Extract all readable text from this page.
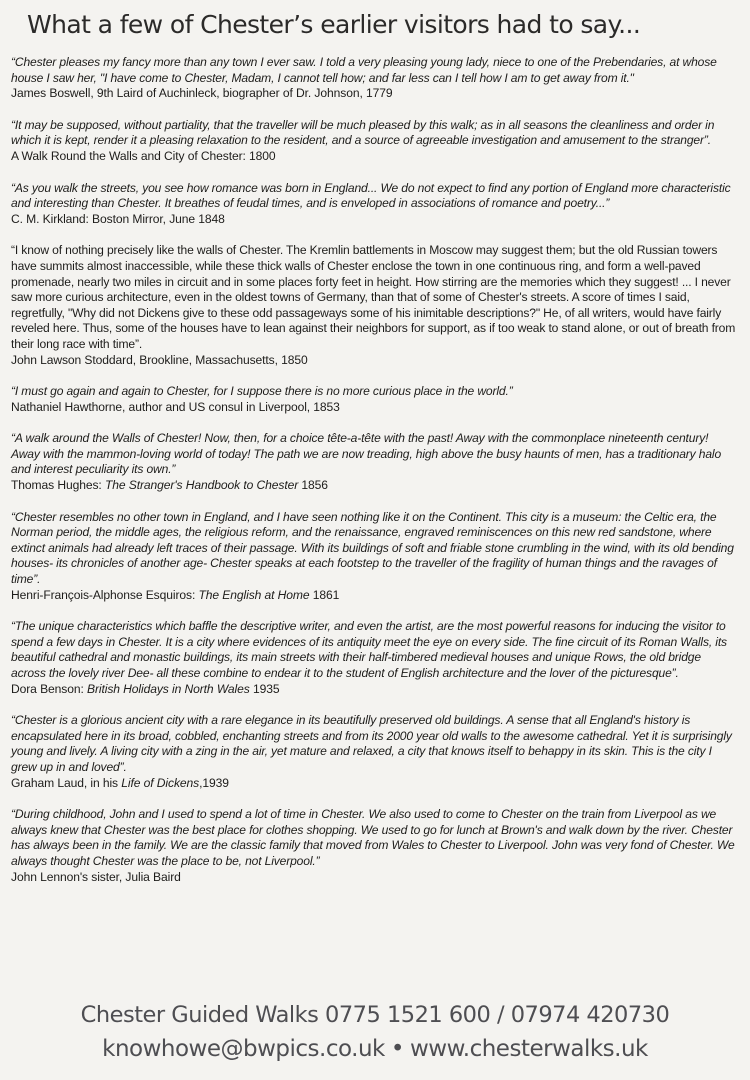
What a few of Chester’s earlier visitors had to say...
“Chester pleases my fancy more than any town I ever saw. I told a very pleasing young lady, niece to one of the Prebendaries, at whose house I saw her, "I have come to Chester, Madam, I cannot tell how; and far less can I tell how I am to get away from it."
James Boswell, 9th Laird of Auchinleck, biographer of Dr. Johnson, 1779
“It may be supposed, without partiality, that the traveller will be much pleased by this walk; as in all seasons the cleanliness and order in which it is kept, render it a pleasing relaxation to the resident, and a source of agreeable investigation and amusement to the stranger”.
A Walk Round the Walls and City of Chester: 1800
“As you walk the streets, you see how romance was born in England... We do not expect to find any portion of England more characteristic and interesting than Chester. It breathes of feudal times, and is enveloped in associations of romance and poetry...”
C. M. Kirkland: Boston Mirror, June 1848
“I know of nothing precisely like the walls of Chester. The Kremlin battlements in Moscow may suggest them; but the old Russian towers have summits almost inaccessible, while these thick walls of Chester enclose the town in one continuous ring, and form a well-paved promenade, nearly two miles in circuit and in some places forty feet in height. How stirring are the memories which they suggest! ... I never saw more curious architecture, even in the oldest towns of Germany, than that of some of Chester's streets. A score of times I said, regretfully, "Why did not Dickens give to these odd passageways some of his inimitable descriptions?" He, of all writers, would have fairly reveled here. Thus, some of the houses have to lean against their neighbors for support, as if too weak to stand alone, or out of breath from their long race with time”.
John Lawson Stoddard, Brookline, Massachusetts, 1850
“I must go again and again to Chester, for I suppose there is no more curious place in the world.”
Nathaniel Hawthorne, author and US consul in Liverpool, 1853
“A walk around the Walls of Chester! Now, then, for a choice tête-a-tête with the past! Away with the commonplace nineteenth century! Away with the mammon-loving world of today! The path we are now treading, high above the busy haunts of men, has a traditionary halo and interest peculiarity its own.”
Thomas Hughes: The Stranger's Handbook to Chester 1856
“Chester resembles no other town in England, and I have seen nothing like it on the Continent. This city is a museum: the Celtic era, the Norman period, the middle ages, the religious reform, and the renaissance, engraved reminiscences on this new red sandstone, where extinct animals had already left traces of their passage. With its buildings of soft and friable stone crumbling in the wind, with its old bending houses- its chronicles of another age- Chester speaks at each footstep to the traveller of the fragility of human things and the ravages of time”.
Henri-François-Alphonse Esquiros: The English at Home 1861
“The unique characteristics which baffle the descriptive writer, and even the artist, are the most powerful reasons for inducing the visitor to spend a few days in Chester. It is a city where evidences of its antiquity meet the eye on every side. The fine circuit of its Roman Walls, its beautiful cathedral and monastic buildings, its main streets with their half-timbered medieval houses and unique Rows, the old bridge across the lovely river Dee- all these combine to endear it to the student of English architecture and the lover of the picturesque”.
Dora Benson: British Holidays in North Wales 1935
“Chester is a glorious ancient city with a rare elegance in its beautifully preserved old buildings. A sense that all England's history is encapsulated here in its broad, cobbled, enchanting streets and from its 2000 year old walls to the awesome cathedral. Yet it is surprisingly young and lively. A living city with a zing in the air, yet mature and relaxed, a city that knows itself to behappy in its skin. This is the city I grew up in and loved”.
Graham Laud, in his Life of Dickens,1939
“During childhood, John and I used to spend a lot of time in Chester. We also used to come to Chester on the train from Liverpool as we always knew that Chester was the best place for clothes shopping. We used to go for lunch at Brown's and walk down by the river. Chester has always been in the family. We are the classic family that moved from Wales to Chester to Liverpool. John was very fond of Chester. We always thought Chester was the place to be, not Liverpool.”
John Lennon's sister, Julia Baird
Chester Guided Walks 0775 1521 600 / 07974 420730
knowhowe@bwpics.co.uk • www.chesterwalks.uk
